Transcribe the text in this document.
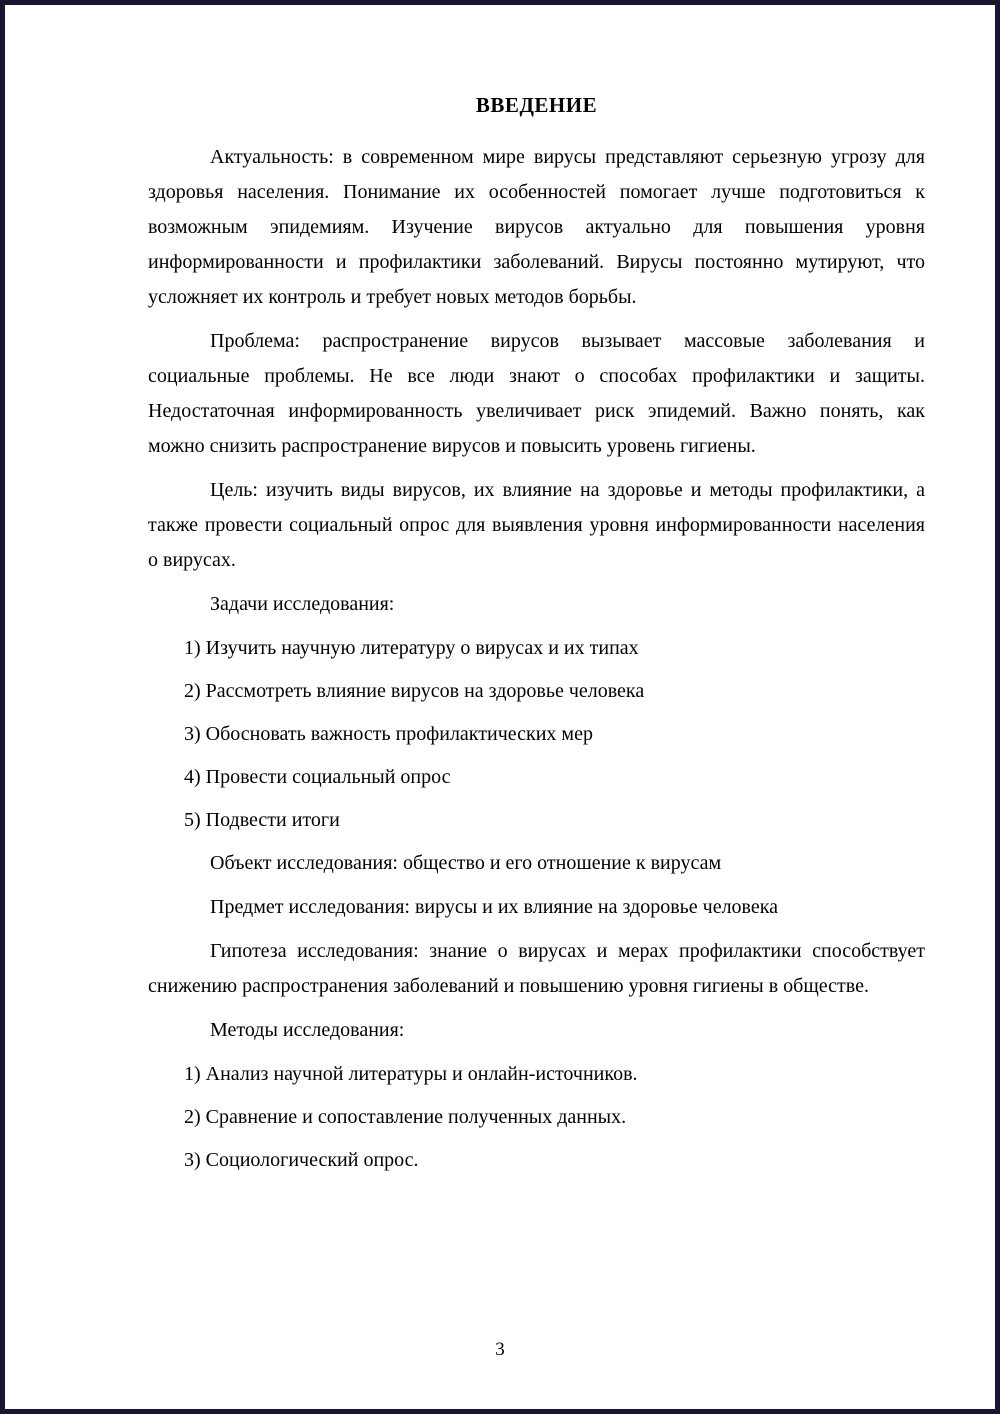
ВВЕДЕНИЕ
Актуальность: в современном мире вирусы представляют серьезную угрозу для здоровья населения. Понимание их особенностей помогает лучше подготовиться к возможным эпидемиям. Изучение вирусов актуально для повышения уровня информированности и профилактики заболеваний. Вирусы постоянно мутируют, что усложняет их контроль и требует новых методов борьбы.
Проблема: распространение вирусов вызывает массовые заболевания и социальные проблемы. Не все люди знают о способах профилактики и защиты. Недостаточная информированность увеличивает риск эпидемий. Важно понять, как можно снизить распространение вирусов и повысить уровень гигиены.
Цель: изучить виды вирусов, их влияние на здоровье и методы профилактики, а также провести социальный опрос для выявления уровня информированности населения о вирусах.
Задачи исследования:
1) Изучить научную литературу о вирусах и их типах
2) Рассмотреть влияние вирусов на здоровье человека
3) Обосновать важность профилактических мер
4) Провести социальный опрос
5) Подвести итоги
Объект исследования: общество и его отношение к вирусам
Предмет исследования: вирусы и их влияние на здоровье человека
Гипотеза исследования: знание о вирусах и мерах профилактики способствует снижению распространения заболеваний и повышению уровня гигиены в обществе.
Методы исследования:
1) Анализ научной литературы и онлайн-источников.
2) Сравнение и сопоставление полученных данных.
3) Социологический опрос.
3
